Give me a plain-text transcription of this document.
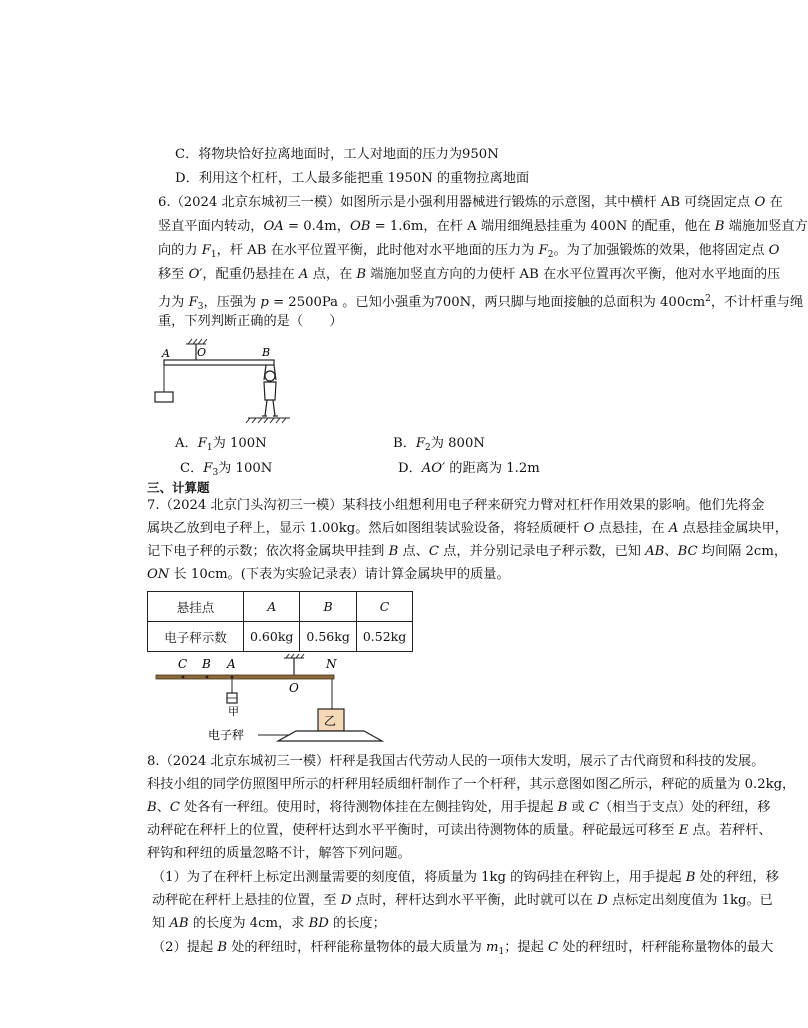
C．将物块恰好拉离地面时，工人对地面的压力为950N
D．利用这个杠杆，工人最多能把重 1950N 的重物拉离地面
6.（2024 北京东城初三一模）如图所示是小强利用器械进行锻炼的示意图，其中横杆 AB 可绕固定点 O 在
竖直平面内转动，OA = 0.4m，OB = 1.6m，在杆 A 端用细绳悬挂重为 400N 的配重，他在 B 端施加竖直方
向的力 $F_1$，杆 AB 在水平位置平衡，此时他对水平地面的压力为 $F_2$。为了加强锻炼的效果，他将固定点 O
移至 O′，配重仍悬挂在 A 点，在 B 端施加竖直方向的力使杆 AB 在水平位置再次平衡，他对水平地面的压
力为 $F_3$，压强为 p = 2500Pa 。已知小强重为700N，两只脚与地面接触的总面积为 $400cm^2$，不计杆重与绳
重，下列判断正确的是（　　）
A O	B
A．$F_1$为 100N	B．$F_2$为 800N
C．$F_3$为 100N	D．AO′ 的距离为 1.2m
三、计算题
7.（2024 北京门头沟初三一模）某科技小组想利用电子秤来研究力臂对杠杆作用效果的影响。他们先将金
属块乙放到电子秤上，显示 1.00kg。然后如图组装试验设备，将轻质硬杆 O 点悬挂，在 A 点悬挂金属块甲，
记下电子秤的示数；依次将金属块甲挂到 B 点、C 点，并分别记录电子秤示数，已知 AB、BC 均间隔 2cm，
ON 长 10cm。(下表为实验记录表）请计算金属块甲的质量。
悬挂点	A	B	C
电子秤示数	0.60kg	0.56kg	0.52kg
C B A	N
O
甲
乙
电子秤
8.（2024 北京东城初三一模）杆秤是我国古代劳动人民的一项伟大发明，展示了古代商贸和科技的发展。
科技小组的同学仿照图甲所示的杆秤用轻质细杆制作了一个杆秤，其示意图如图乙所示，秤砣的质量为 0.2kg，
B、C 处各有一秤纽。使用时，将待测物体挂在左侧挂钩处，用手提起 B 或 C（相当于支点）处的秤纽，移
动秤砣在秤杆上的位置，使秤杆达到水平平衡时，可读出待测物体的质量。秤砣最远可移至 E 点。若秤杆、
秤钩和秤纽的质量忽略不计，解答下列问题。
（1）为了在秤杆上标定出测量需要的刻度值，将质量为 1kg 的钩码挂在秤钩上，用手提起 B 处的秤纽，移
动秤砣在秤杆上悬挂的位置，至 D 点时，秤杆达到水平平衡，此时就可以在 D 点标定出刻度值为 1kg。已
知 AB 的长度为 4cm，求 BD 的长度；
（2）提起 B 处的秤纽时，杆秤能称量物体的最大质量为 $m_1$；提起 C 处的秤纽时，杆秤能称量物体的最大
